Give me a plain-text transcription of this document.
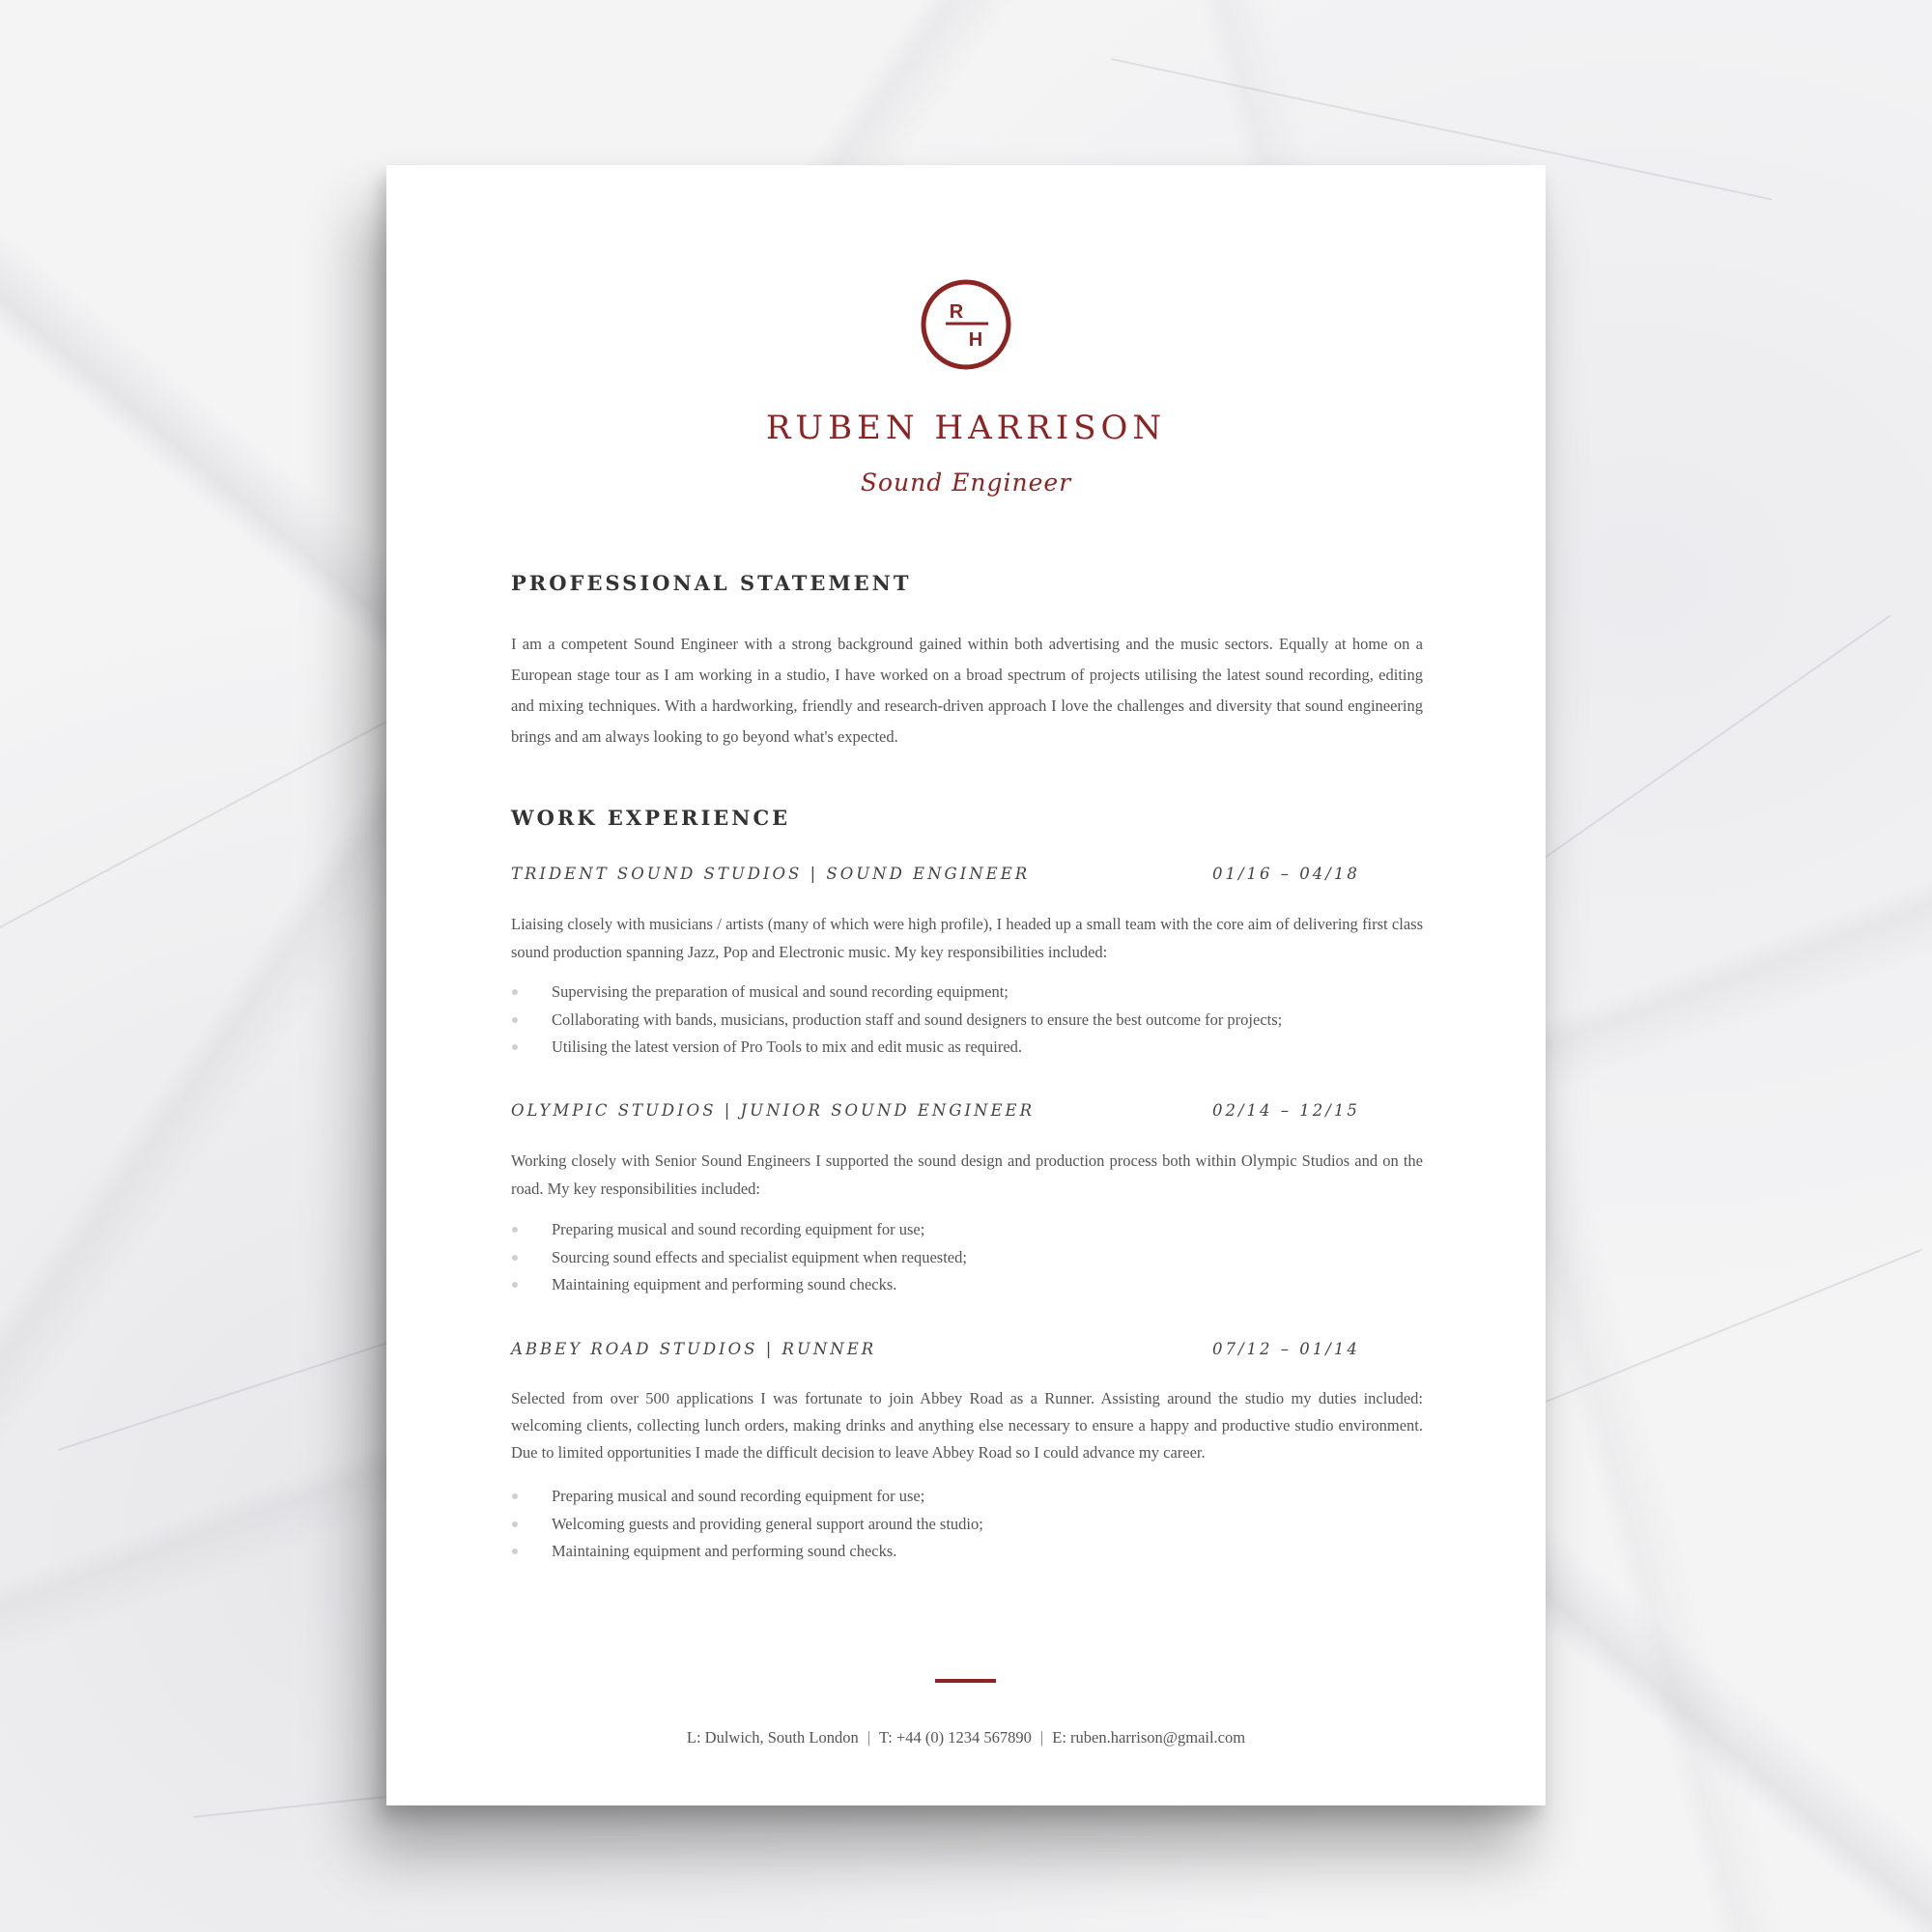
R
H
RUBEN HARRISON
Sound Engineer
PROFESSIONAL STATEMENT
I am a competent Sound Engineer with a strong background gained within both advertising and the music sectors. Equally at home on a European stage tour as I am working in a studio, I have worked on a broad spectrum of projects utilising the latest sound recording, editing and mixing techniques. With a hardworking, friendly and research-driven approach I love the challenges and diversity that sound engineering brings and am always looking to go beyond what's expected.
WORK EXPERIENCE
TRIDENT SOUND STUDIOS | SOUND ENGINEER	01/16 – 04/18
Liaising closely with musicians / artists (many of which were high profile), I headed up a small team with the core aim of delivering first class sound production spanning Jazz, Pop and Electronic music. My key responsibilities included:
Supervising the preparation of musical and sound recording equipment;
Collaborating with bands, musicians, production staff and sound designers to ensure the best outcome for projects;
Utilising the latest version of Pro Tools to mix and edit music as required.
OLYMPIC STUDIOS | JUNIOR SOUND ENGINEER	02/14 – 12/15
Working closely with Senior Sound Engineers I supported the sound design and production process both within Olympic Studios and on the road. My key responsibilities included:
Preparing musical and sound recording equipment for use;
Sourcing sound effects and specialist equipment when requested;
Maintaining equipment and performing sound checks.
ABBEY ROAD STUDIOS | RUNNER	07/12 – 01/14
Selected from over 500 applications I was fortunate to join Abbey Road as a Runner. Assisting around the studio my duties included: welcoming clients, collecting lunch orders, making drinks and anything else necessary to ensure a happy and productive studio environment. Due to limited opportunities I made the difficult decision to leave Abbey Road so I could advance my career.
Preparing musical and sound recording equipment for use;
Welcoming guests and providing general support around the studio;
Maintaining equipment and performing sound checks.
L: Dulwich, South London | T: +44 (0) 1234 567890 | E: ruben.harrison@gmail.com
